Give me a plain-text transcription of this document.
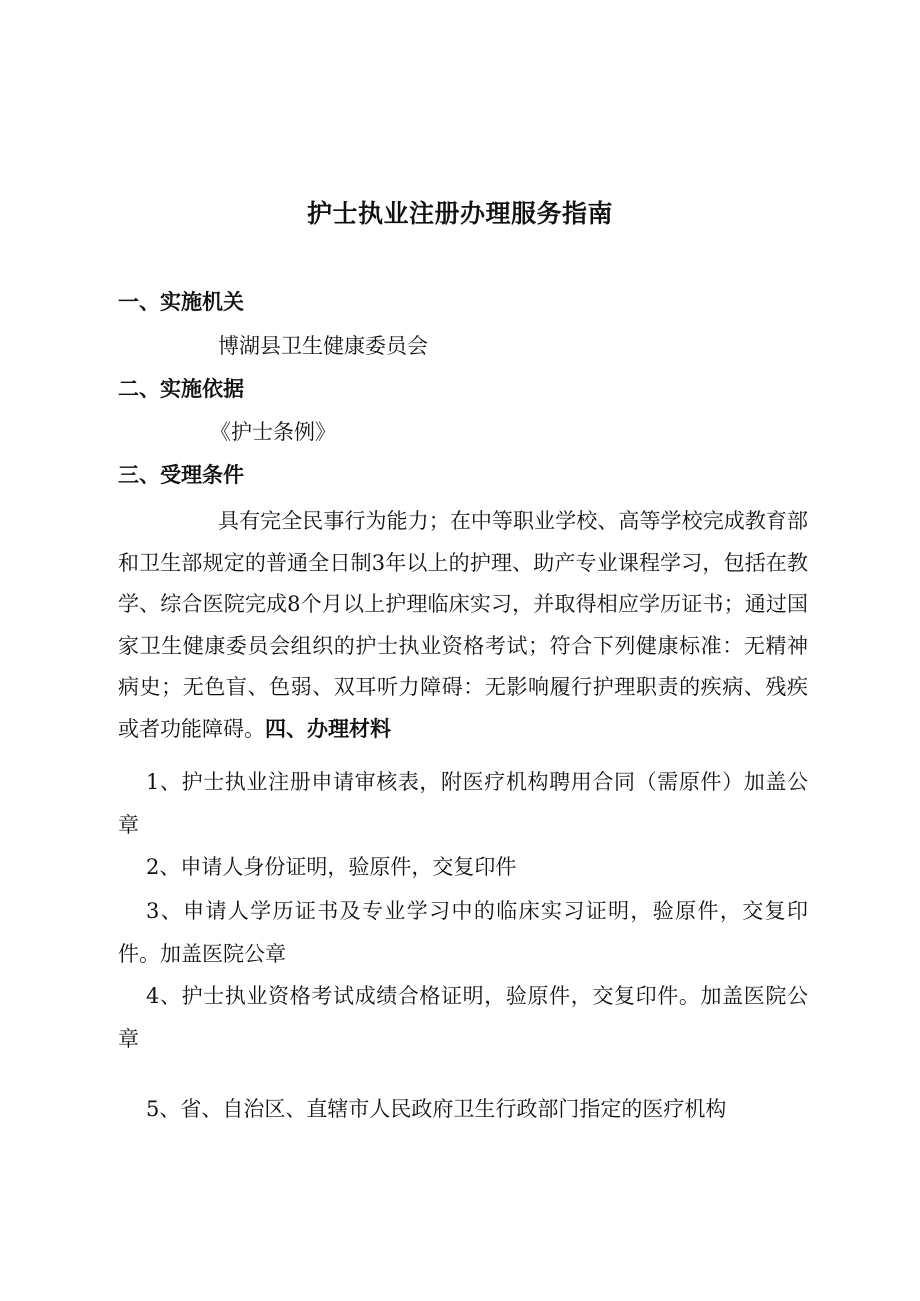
护士执业注册办理服务指南
一、实施机关
博湖县卫生健康委员会
二、实施依据
《护士条例》
三、受理条件
具有完全民事行为能力；在中等职业学校、高等学校完成教育部和卫生部规定的普通全日制3年以上的护理、助产专业课程学习，包括在教学、综合医院完成8个月以上护理临床实习，并取得相应学历证书；通过国家卫生健康委员会组织的护士执业资格考试；符合下列健康标准：无精神病史；无色盲、色弱、双耳听力障碍：无影响履行护理职责的疾病、残疾或者功能障碍。四、办理材料
1、护士执业注册申请审核表，附医疗机构聘用合同（需原件）加盖公章
2、申请人身份证明，验原件，交复印件
3、申请人学历证书及专业学习中的临床实习证明，验原件，交复印件。加盖医院公章
4、护士执业资格考试成绩合格证明，验原件，交复印件。加盖医院公章
5、省、自治区、直辖市人民政府卫生行政部门指定的医疗机构
